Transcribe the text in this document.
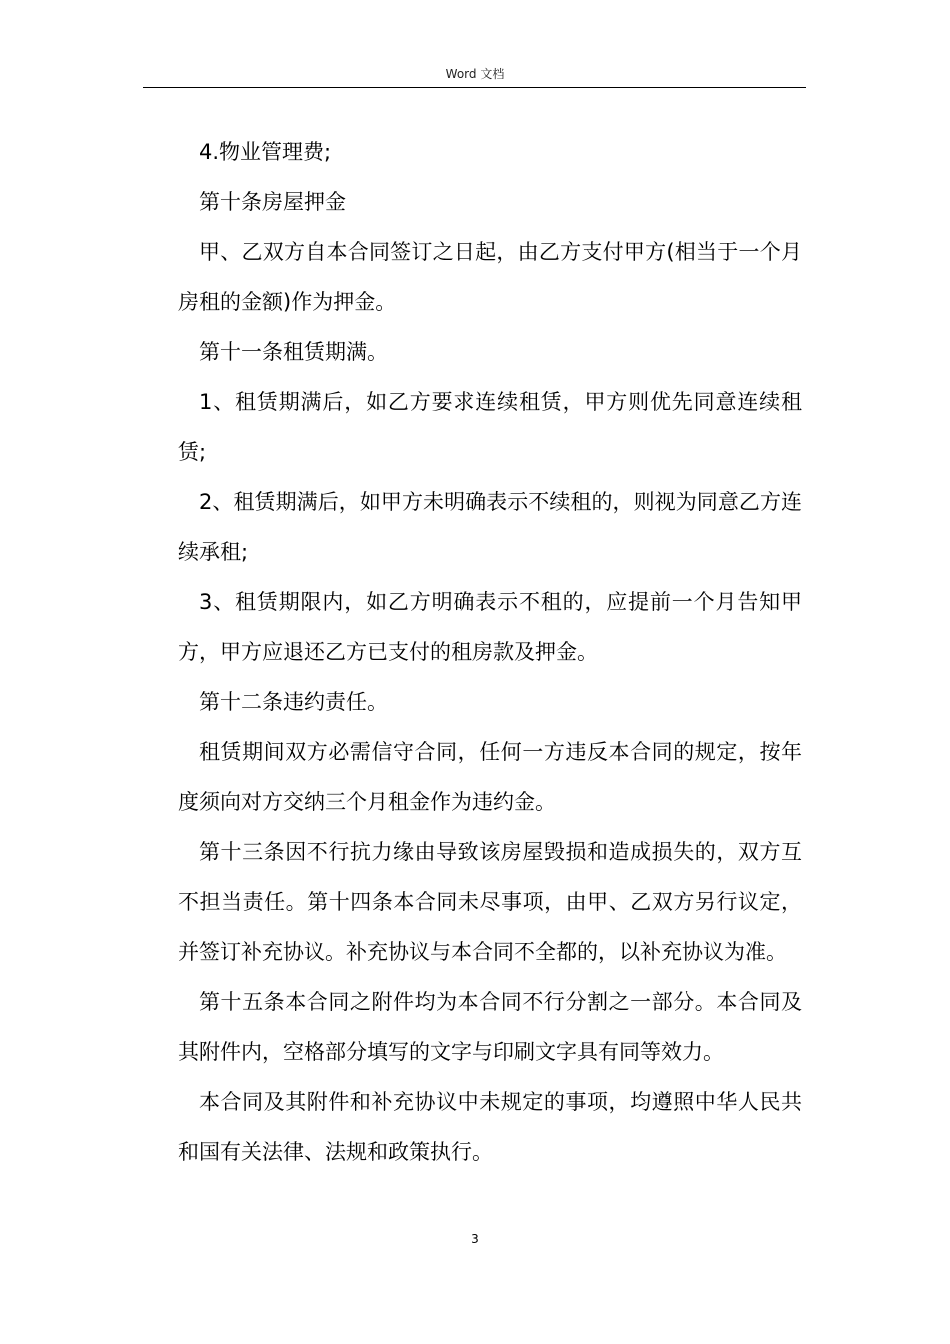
Word 文档

4.物业管理费;

第十条房屋押金

甲、乙双方自本合同签订之日起，由乙方支付甲方(相当于一个月房租的金额)作为押金。

第十一条租赁期满。

1、租赁期满后，如乙方要求连续租赁，甲方则优先同意连续租赁;

2、租赁期满后，如甲方未明确表示不续租的，则视为同意乙方连续承租;

3、租赁期限内，如乙方明确表示不租的，应提前一个月告知甲方，甲方应退还乙方已支付的租房款及押金。

第十二条违约责任。

租赁期间双方必需信守合同，任何一方违反本合同的规定，按年度须向对方交纳三个月租金作为违约金。

第十三条因不行抗力缘由导致该房屋毁损和造成损失的，双方互不担当责任。第十四条本合同未尽事项，由甲、乙双方另行议定，并签订补充协议。补充协议与本合同不全都的，以补充协议为准。

第十五条本合同之附件均为本合同不行分割之一部分。本合同及其附件内，空格部分填写的文字与印刷文字具有同等效力。

本合同及其附件和补充协议中未规定的事项，均遵照中华人民共和国有关法律、法规和政策执行。

3
